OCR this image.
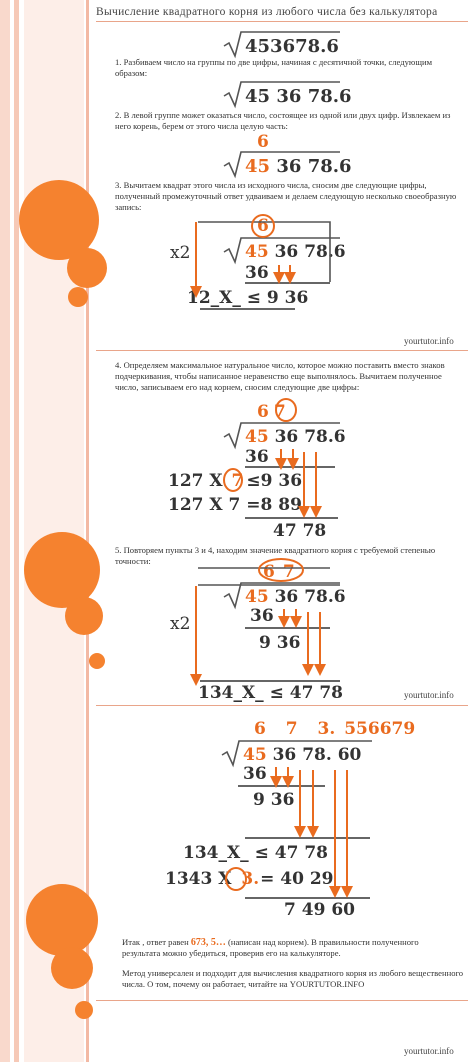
Вычисление квадратного корня из любого числа без калькулятора
453678.6
1. Разбиваем число на группы по две цифры, начиная с десятичной точки, следующим образом:
45 36 78.6
2. В левой группе может оказаться число, состоящее из одной или двух цифр. Извлекаем из него корень, берем от этого числа целую часть:
6
45 36 78.6
3. Вычитаем квадрат этого числа из исходного числа, сносим две следующие цифры, полученный промежуточный ответ удваиваем и делаем следующую несколько своеобразную запись:
6
x2	45 36 78.6
36
12_X_ ≤ 9 36
yourtutor.info
4. Определяем максимальное натуральное число, которое можно поставить вместо знаков подчеркивания, чтобы написанное неравенство еще выполнялось. Вычитаем полученное число, записываем его над корнем, сносим следующие две цифры:
6 7
45 36 78.6
36
127 X 7 ≤9 36
127 X 7 =8 89
47 78
5. Повторяем пункты 3 и 4, находим значение квадратного корня с требуемой степенью точности:
6 7
45 36 78.6
36
x2
9 36
134_X_ ≤ 47 78	yourtutor.info
6 7 3. 556679
45 36 78. 60
36
9 36
134_X_ ≤ 47 78
1343 X 3.= 40 29
7 49 60
Итак , ответ равен 673, 5… (написан над корнем). В правильности полученного результата можно убедиться, проверив его на калькуляторе.
Метод универсален и подходит для вычисления квадратного корня из любого вещественного числа. О том, почему он работает, читайте на YOURTUTOR.INFO
yourtutor.info
